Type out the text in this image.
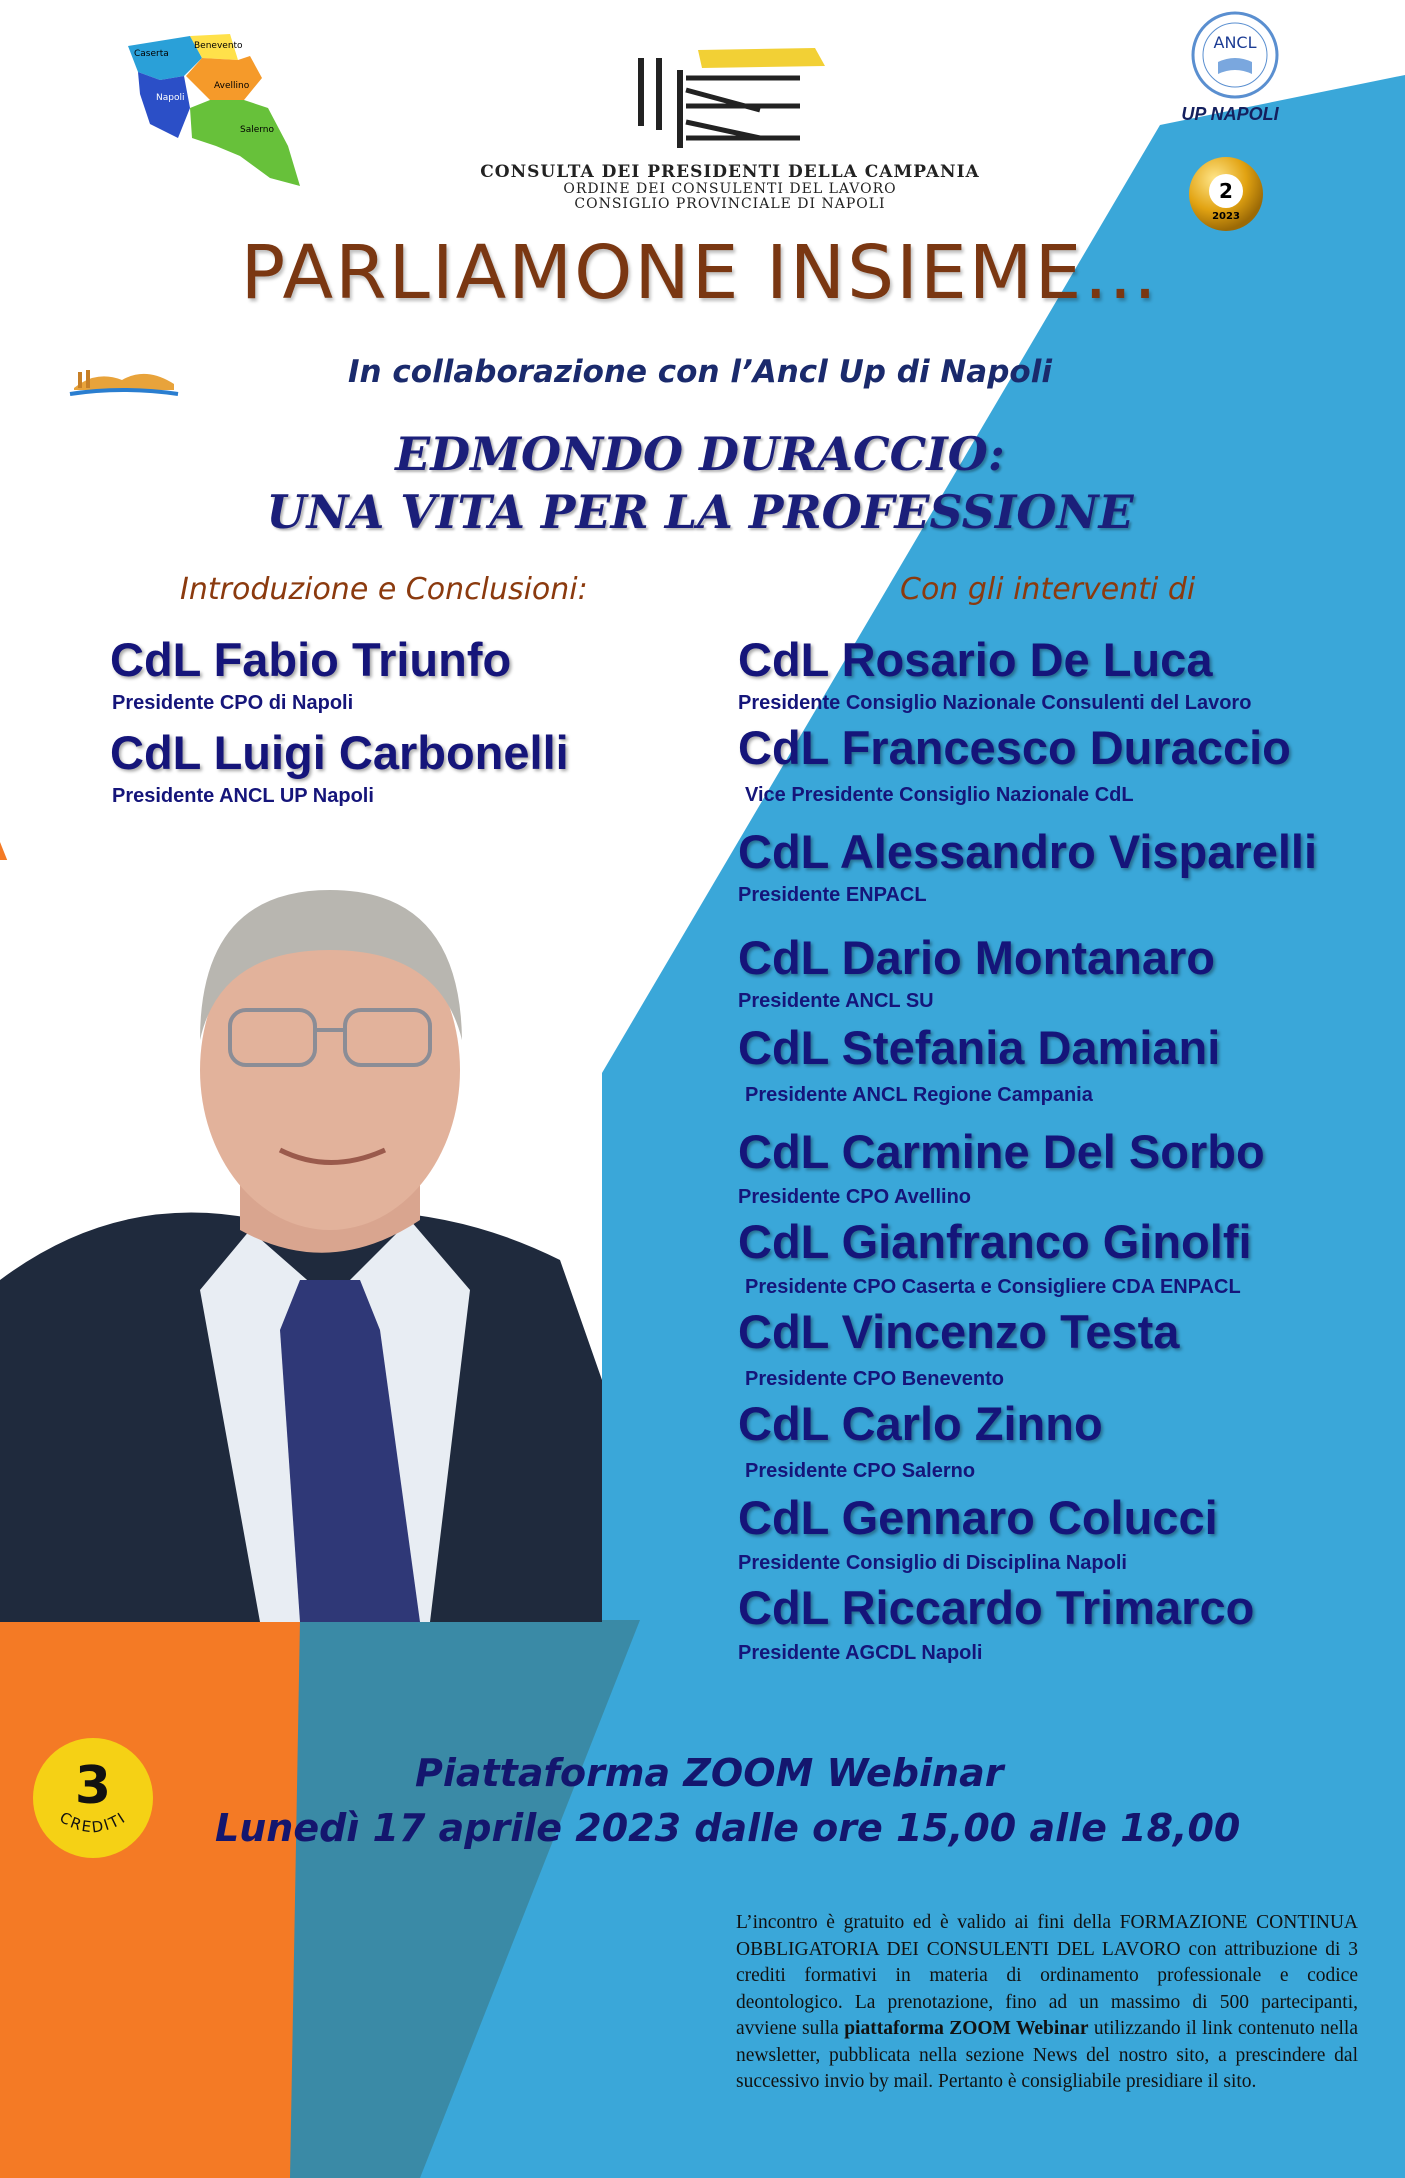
Caserta
Benevento
Napoli
Avellino
Salerno
CONSULTA DEI PRESIDENTI DELLA CAMPANIA
ORDINE DEI CONSULENTI DEL LAVORO
CONSIGLIO PROVINCIALE DI NAPOLI
ANCL
UP NAPOLI
2
2023
PARLIAMONE INSIEME…
In collaborazione con l’Ancl Up di Napoli
EDMONDO DURACCIO:
UNA VITA PER LA PROFESSIONE
Introduzione e Conclusioni:	Con gli interventi di
CdL Fabio Triunfo
Presidente CPO di Napoli
CdL Luigi Carbonelli
Presidente ANCL UP Napoli
CdL Rosario De Luca
Presidente Consiglio Nazionale Consulenti del Lavoro
CdL Francesco Duraccio
Vice Presidente Consiglio Nazionale CdL
CdL Alessandro Visparelli
Presidente ENPACL
CdL Dario Montanaro
Presidente ANCL SU
CdL Stefania Damiani
Presidente ANCL Regione Campania
CdL Carmine Del Sorbo
Presidente CPO Avellino
CdL Gianfranco Ginolfi
Presidente CPO Caserta e Consigliere CDA ENPACL
CdL Vincenzo Testa
Presidente CPO Benevento
CdL Carlo Zinno
Presidente CPO Salerno
CdL Gennaro Colucci
Presidente Consiglio di Disciplina Napoli
CdL Riccardo Trimarco
Presidente AGCDL Napoli
3
CREDITI
Piattaforma ZOOM Webinar
Lunedì 17 aprile 2023 dalle ore 15,00 alle 18,00
L’incontro è gratuito ed è valido ai fini della FORMAZIONE CONTINUA OBBLIGATORIA DEI CONSULENTI DEL LAVORO con attribuzione di 3 crediti formativi in materia di ordinamento professionale e codice deontologico. La prenotazione, fino ad un massimo di 500 partecipanti, avviene sulla piattaforma ZOOM Webinar utilizzando il link contenuto nella newsletter, pubblicata nella sezione News del nostro sito, a prescindere dal successivo invio by mail. Pertanto è consigliabile presidiare il sito.
